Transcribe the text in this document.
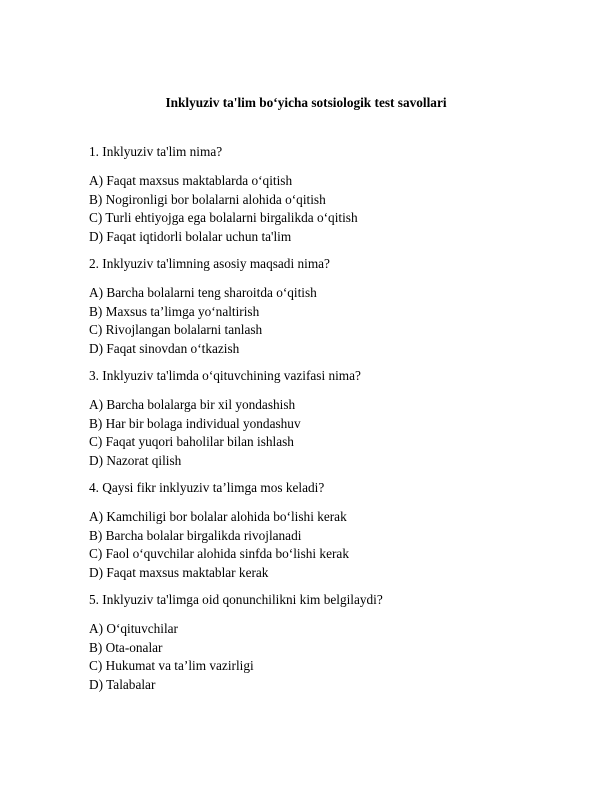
Inklyuziv ta'lim bo‘yicha sotsiologik test savollari
1. Inklyuziv ta'lim nima?
A) Faqat maxsus maktablarda o‘qitish
B) Nogironligi bor bolalarni alohida o‘qitish
C) Turli ehtiyojga ega bolalarni birgalikda o‘qitish
D) Faqat iqtidorli bolalar uchun ta'lim
2. Inklyuziv ta'limning asosiy maqsadi nima?
A) Barcha bolalarni teng sharoitda o‘qitish
B) Maxsus ta’limga yo‘naltirish
C) Rivojlangan bolalarni tanlash
D) Faqat sinovdan o‘tkazish
3. Inklyuziv ta'limda o‘qituvchining vazifasi nima?
A) Barcha bolalarga bir xil yondashish
B) Har bir bolaga individual yondashuv
C) Faqat yuqori baholilar bilan ishlash
D) Nazorat qilish
4. Qaysi fikr inklyuziv ta’limga mos keladi?
A) Kamchiligi bor bolalar alohida bo‘lishi kerak
B) Barcha bolalar birgalikda rivojlanadi
C) Faol o‘quvchilar alohida sinfda bo‘lishi kerak
D) Faqat maxsus maktablar kerak
5. Inklyuziv ta'limga oid qonunchilikni kim belgilaydi?
A) O‘qituvchilar
B) Ota-onalar
C) Hukumat va ta’lim vazirligi
D) Talabalar
